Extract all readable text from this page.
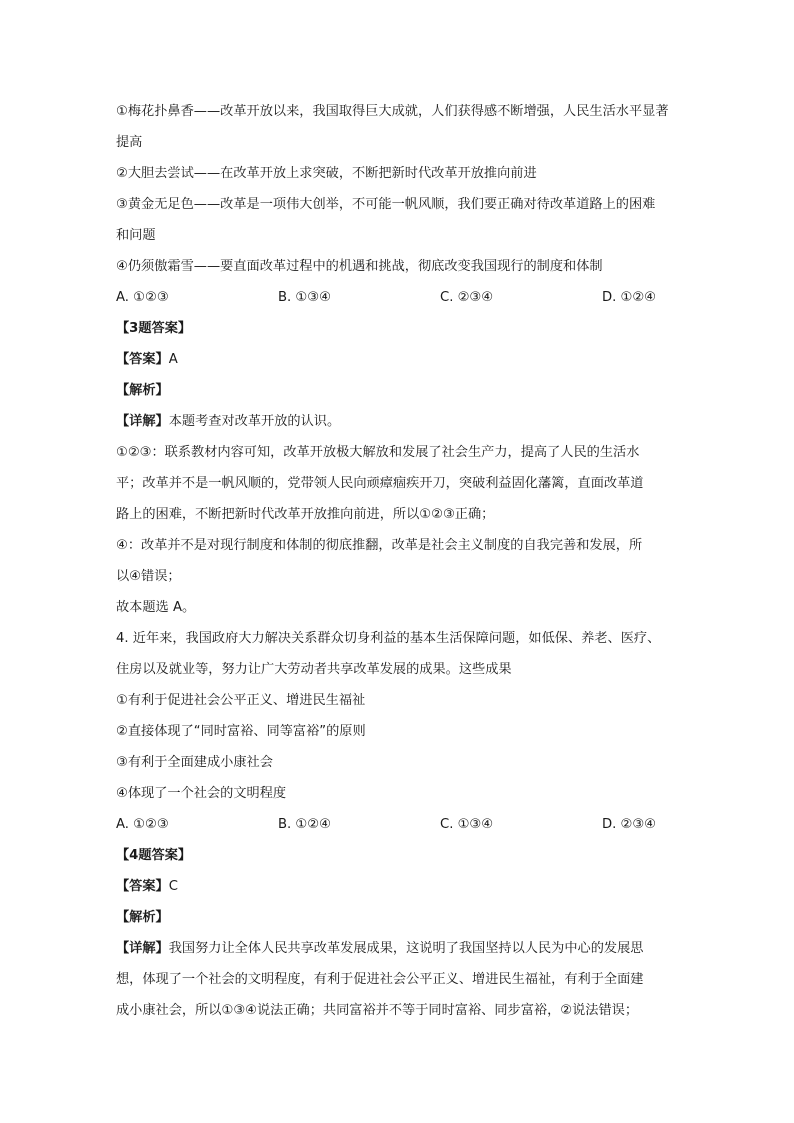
①梅花扑鼻香——改革开放以来，我国取得巨大成就，人们获得感不断增强，人民生活水平显著
提高
②大胆去尝试——在改革开放上求突破，不断把新时代改革开放推向前进
③黄金无足色——改革是一项伟大创举，不可能一帆风顺，我们要正确对待改革道路上的困难
和问题
④仍须傲霜雪——要直面改革过程中的机遇和挑战，彻底改变我国现行的制度和体制
A. ①②③	B. ①③④	C. ②③④	D. ①②④
【3题答案】
【答案】A
【解析】
【详解】本题考查对改革开放的认识。
①②③：联系教材内容可知，改革开放极大解放和发展了社会生产力，提高了人民的生活水
平；改革并不是一帆风顺的，党带领人民向顽瘴痼疾开刀，突破利益固化藩篱，直面改革道
路上的困难，不断把新时代改革开放推向前进，所以①②③正确；
④：改革并不是对现行制度和体制的彻底推翻，改革是社会主义制度的自我完善和发展，所
以④错误；
故本题选 A。
4. 近年来，我国政府大力解决关系群众切身利益的基本生活保障问题，如低保、养老、医疗、
住房以及就业等，努力让广大劳动者共享改革发展的成果。这些成果
①有利于促进社会公平正义、增进民生福祉
②直接体现了“同时富裕、同等富裕”的原则
③有利于全面建成小康社会
④体现了一个社会的文明程度
A. ①②③	B. ①②④	C. ①③④	D. ②③④
【4题答案】
【答案】C
【解析】
【详解】我国努力让全体人民共享改革发展成果，这说明了我国坚持以人民为中心的发展思
想，体现了一个社会的文明程度，有利于促进社会公平正义、增进民生福祉，有利于全面建
成小康社会，所以①③④说法正确；共同富裕并不等于同时富裕、同步富裕，②说法错误；
